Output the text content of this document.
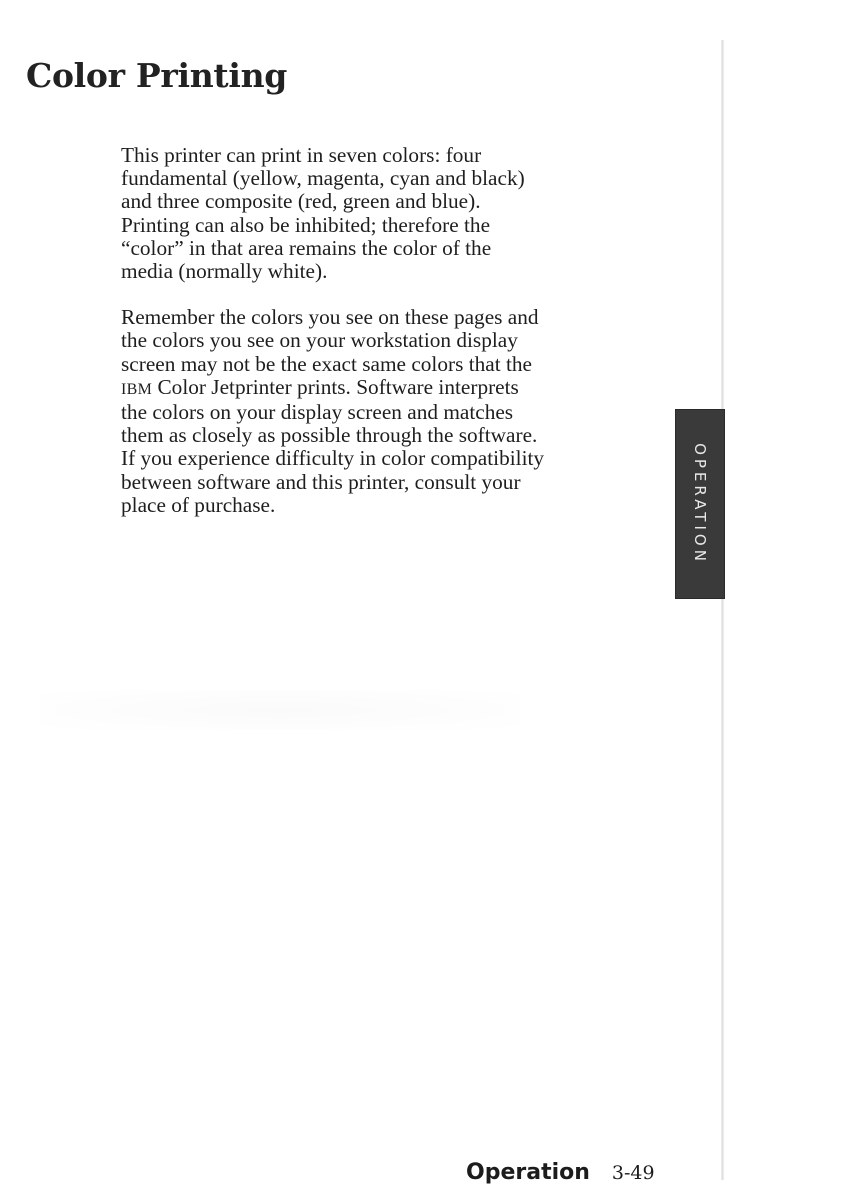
Color Printing

This printer can print in seven colors: four
fundamental (yellow, magenta, cyan and black)
and three composite (red, green and blue).
Printing can also be inhibited; therefore the
“color” in that area remains the color of the
media (normally white).

Remember the colors you see on these pages and
the colors you see on your workstation display
screen may not be the exact same colors that the
IBM Color Jetprinter prints. Software interprets
the colors on your display screen and matches
them as closely as possible through the software.
If you experience difficulty in color compatibility
between software and this printer, consult your
place of purchase.	OPERATION
Operation 3-49
